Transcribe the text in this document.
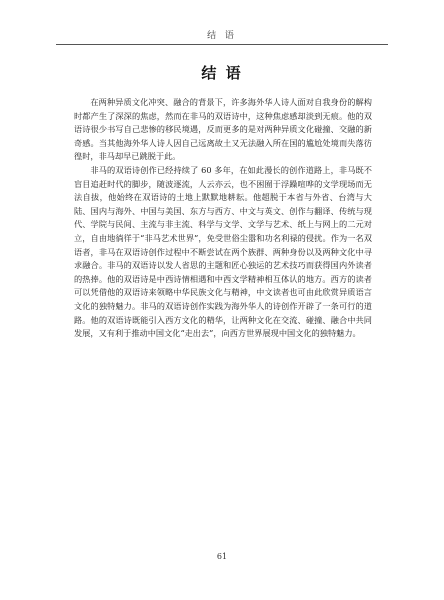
结 语
结 语

在两种异质文化冲突、融合的背景下，许多海外华人诗人面对自我身份的解构时都产生了深深的焦虑，然而在非马的双语诗中，这种焦虑感却淡到无痕。他的双语诗很少书写自己悲惨的移民境遇，反而更多的是对两种异质文化碰撞、交融的新奇感。当其他海外华人诗人因自己远离故土又无法融入所在国的尴尬处境而失落彷徨时，非马却早已跳脱于此。

非马的双语诗创作已经持续了 60 多年，在如此漫长的创作道路上，非马既不盲目追赶时代的脚步，随波逐流，人云亦云，也不困囿于浮躁喧哗的文学现场而无法自拔，他始终在双语诗的土地上默默地耕耘。他超脱于本省与外省、台湾与大陆、国内与海外、中国与美国、东方与西方、中文与英文、创作与翻译、传统与现代、学院与民间、主流与非主流、科学与文学、文学与艺术、纸上与网上的二元对立，自由地徜徉于“非马艺术世界”，免受世俗尘嚣和功名利禄的侵扰。作为一名双语者，非马在双语诗创作过程中不断尝试在两个族群、两种身份以及两种文化中寻求融合。非马的双语诗以发人省思的主题和匠心独运的艺术技巧而获得国内外读者的热捧。他的双语诗是中西诗情相遇和中西文学精神相互体认的地方。西方的读者可以凭借他的双语诗来领略中华民族文化与精神，中文读者也可由此欣赏异质语言文化的独特魅力。非马的双语诗创作实践为海外华人的诗创作开辟了一条可行的道路。他的双语诗既能引入西方文化的精华，让两种文化在交流、碰撞、融合中共同发展，又有利于推动中国文化“走出去”，向西方世界展现中国文化的独特魅力。

61
